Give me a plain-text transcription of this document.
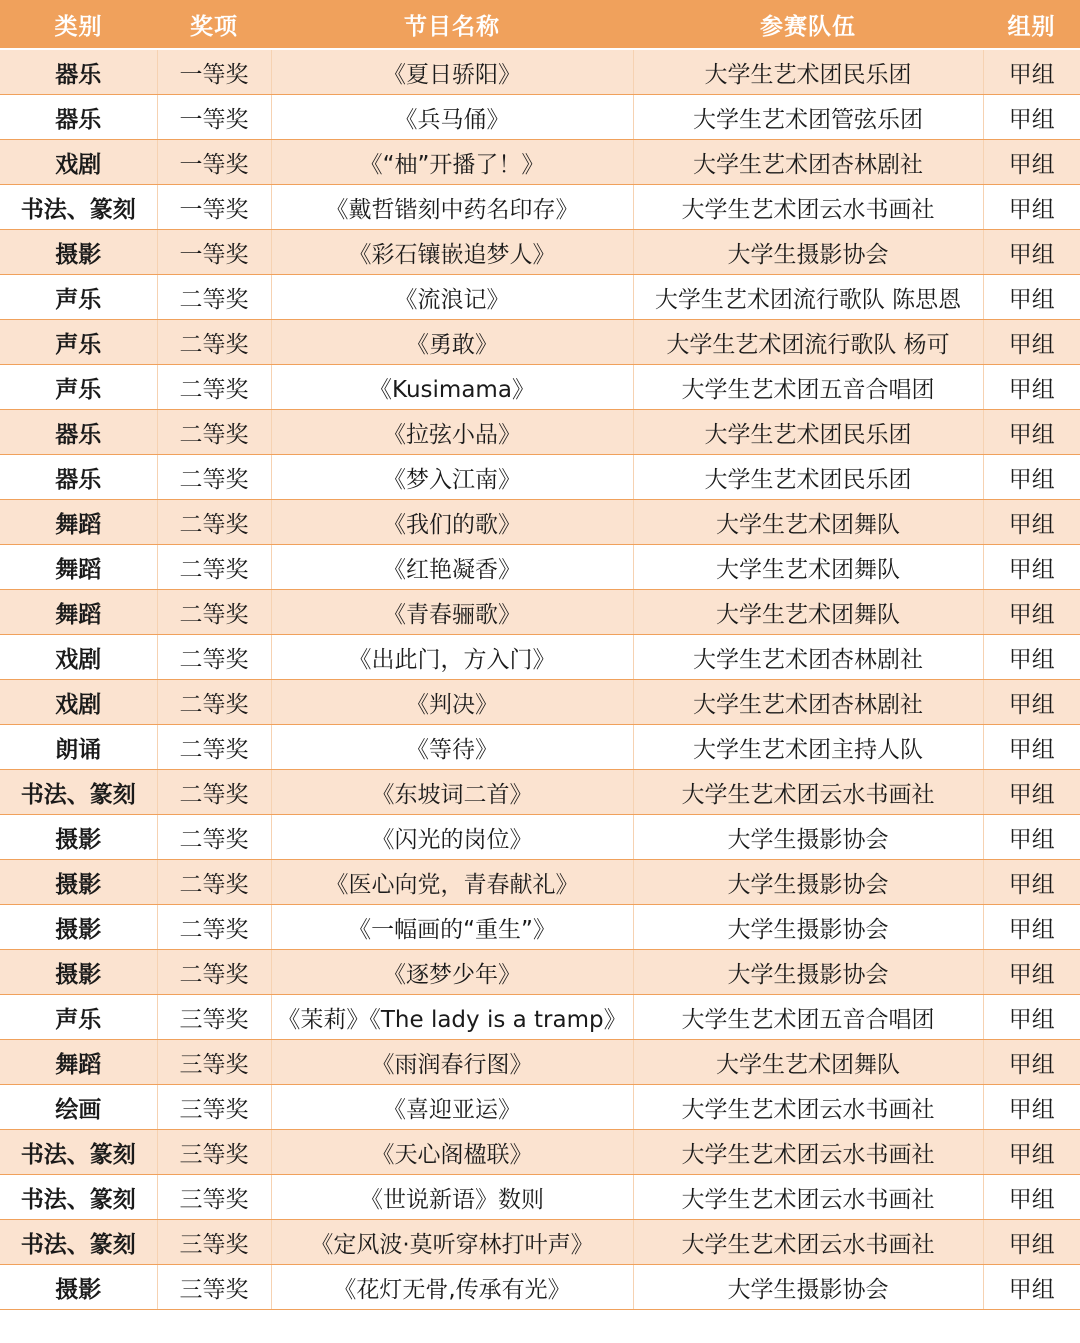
类别	奖项	节目名称	参赛队伍	组别
器乐	一等奖	《夏日骄阳》	大学生艺术团民乐团	甲组
器乐	一等奖	《兵马俑》	大学生艺术团管弦乐团	甲组
戏剧	一等奖	《“柚”开播了！》	大学生艺术团杏林剧社	甲组
书法、篆刻	一等奖	《戴哲锴刻中药名印存》	大学生艺术团云水书画社	甲组
摄影	一等奖	《彩石镶嵌追梦人》	大学生摄影协会	甲组
声乐	二等奖	《流浪记》	大学生艺术团流行歌队 陈思恩	甲组
声乐	二等奖	《勇敢》	大学生艺术团流行歌队 杨可	甲组
声乐	二等奖	《Kusimama》	大学生艺术团五音合唱团	甲组
器乐	二等奖	《拉弦小品》	大学生艺术团民乐团	甲组
器乐	二等奖	《梦入江南》	大学生艺术团民乐团	甲组
舞蹈	二等奖	《我们的歌》	大学生艺术团舞队	甲组
舞蹈	二等奖	《红艳凝香》	大学生艺术团舞队	甲组
舞蹈	二等奖	《青春骊歌》	大学生艺术团舞队	甲组
戏剧	二等奖	《出此门，方入门》	大学生艺术团杏林剧社	甲组
戏剧	二等奖	《判决》	大学生艺术团杏林剧社	甲组
朗诵	二等奖	《等待》	大学生艺术团主持人队	甲组
书法、篆刻	二等奖	《东坡词二首》	大学生艺术团云水书画社	甲组
摄影	二等奖	《闪光的岗位》	大学生摄影协会	甲组
摄影	二等奖	《医心向党，青春献礼》	大学生摄影协会	甲组
摄影	二等奖	《一幅画的“重生”》	大学生摄影协会	甲组
摄影	二等奖	《逐梦少年》	大学生摄影协会	甲组
声乐	三等奖	《茉莉》《The lady is a tramp》	大学生艺术团五音合唱团	甲组
舞蹈	三等奖	《雨润春行图》	大学生艺术团舞队	甲组
绘画	三等奖	《喜迎亚运》	大学生艺术团云水书画社	甲组
书法、篆刻	三等奖	《天心阁楹联》	大学生艺术团云水书画社	甲组
书法、篆刻	三等奖	《世说新语》数则	大学生艺术团云水书画社	甲组
书法、篆刻	三等奖	《定风波·莫听穿林打叶声》	大学生艺术团云水书画社	甲组
摄影	三等奖	《花灯无骨,传承有光》	大学生摄影协会	甲组
